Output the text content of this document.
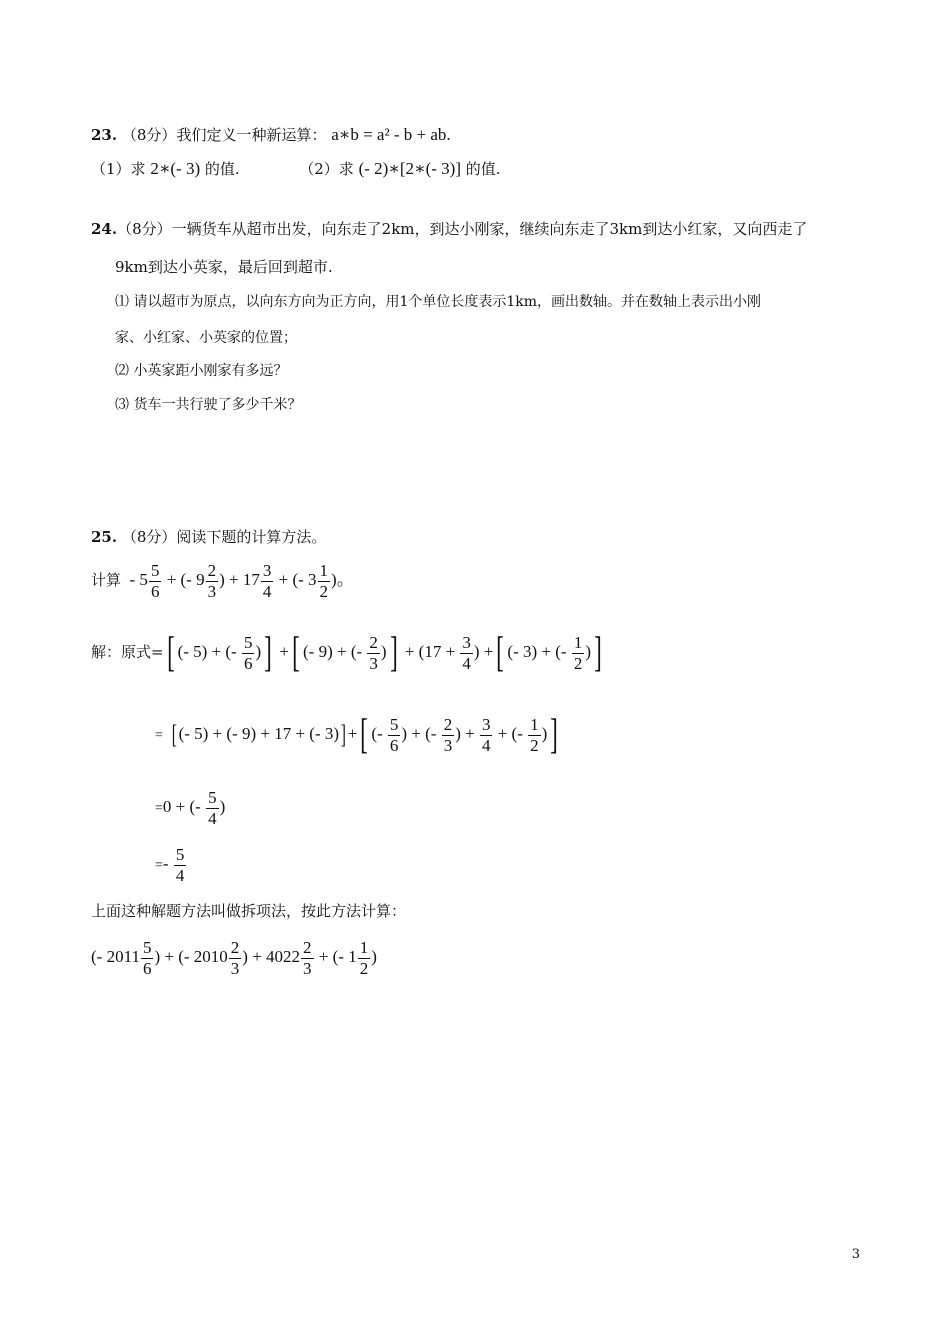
23. （8分）我们定义一种新运算： a∗b = a² - b + ab.
（1）求 2∗(- 3) 的值.	（2）求 (- 2)∗[2∗(- 3)] 的值.
24.（8分）一辆货车从超市出发，向东走了2km，到达小刚家，继续向东走了3km到达小红家，又向西走了
9km到达小英家，最后回到超市.
⑴ 请以超市为原点，以向东方向为正方向，用1个单位长度表示1km，画出数轴。并在数轴上表示出小刚
家、小红家、小英家的位置；
⑵ 小英家距小刚家有多远？
⑶ 货车一共行驶了多少千米？
25. （8分）阅读下题的计算方法。
计算  - $5 \frac{5}{6}$ + (- $9 \frac{2}{3}$ ) + $17 \frac{3}{4}$ + (- $3 \frac{1}{2}$ )。
解：原式=[ (- 5) + (- $\frac{5}{6}$ )] +[ (- 9) + (- $\frac{2}{3}$ )] + ($17 + \frac{3}{4}$ ) +[ (- 3) + (- $\frac{1}{2}$ )]
=  [ (- 5) + (- 9) + 17 + (- 3)] +[ (- $\frac{5}{6}$ ) + (- $\frac{2}{3}$ ) + $\frac{3}{4}$ + (- $\frac{1}{2}$ )]
=0 + (- $\frac{5}{4}$ )
=- $\frac{5}{4}$
上面这种解题方法叫做拆项法，按此方法计算：
(- $2011 \frac{5}{6}$ ) + (- $2010 \frac{2}{3}$ ) + $4022 \frac{2}{3}$ + (- $1 \frac{1}{2}$ )
3
